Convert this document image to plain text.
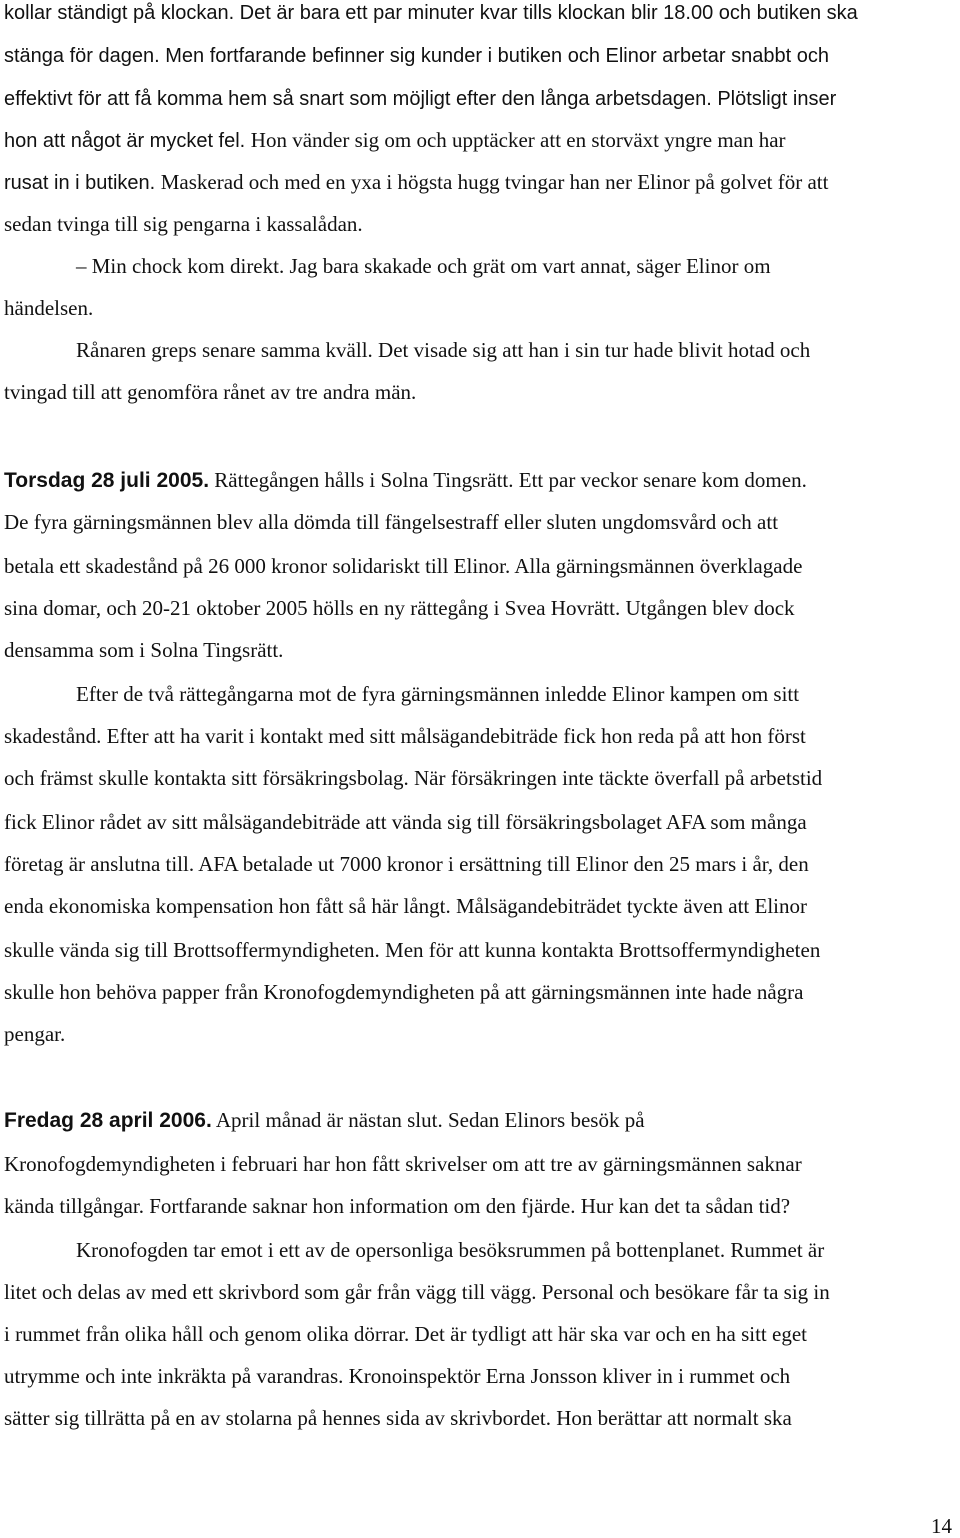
kollar ständigt på klockan. Det är bara ett par minuter kvar tills klockan blir 18.00 och butiken ska
stänga för dagen. Men fortfarande befinner sig kunder i butiken och Elinor arbetar snabbt och
effektivt för att få komma hem så snart som möjligt efter den långa arbetsdagen. Plötsligt inser
hon att något är mycket fel. Hon vänder sig om och upptäcker att en storväxt yngre man har
rusat in i butiken. Maskerad och med en yxa i högsta hugg tvingar han ner Elinor på golvet för att
sedan tvinga till sig pengarna i kassalådan.
– Min chock kom direkt. Jag bara skakade och grät om vart annat, säger Elinor om
händelsen.
Rånaren greps senare samma kväll. Det visade sig att han i sin tur hade blivit hotad och
tvingad till att genomföra rånet av tre andra män.
Torsdag 28 juli 2005. Rättegången hålls i Solna Tingsrätt. Ett par veckor senare kom domen.
De fyra gärningsmännen blev alla dömda till fängelsestraff eller sluten ungdomsvård och att
betala ett skadestånd på 26 000 kronor solidariskt till Elinor. Alla gärningsmännen överklagade
sina domar, och 20-21 oktober 2005 hölls en ny rättegång i Svea Hovrätt. Utgången blev dock
densamma som i Solna Tingsrätt.
Efter de två rättegångarna mot de fyra gärningsmännen inledde Elinor kampen om sitt
skadestånd. Efter att ha varit i kontakt med sitt målsägandebiträde fick hon reda på att hon först
och främst skulle kontakta sitt försäkringsbolag. När försäkringen inte täckte överfall på arbetstid
fick Elinor rådet av sitt målsägandebiträde att vända sig till försäkringsbolaget AFA som många
företag är anslutna till. AFA betalade ut 7000 kronor i ersättning till Elinor den 25 mars i år, den
enda ekonomiska kompensation hon fått så här långt. Målsägandebiträdet tyckte även att Elinor
skulle vända sig till Brottsoffermyndigheten. Men för att kunna kontakta Brottsoffermyndigheten
skulle hon behöva papper från Kronofogdemyndigheten på att gärningsmännen inte hade några
pengar.
Fredag 28 april 2006. April månad är nästan slut. Sedan Elinors besök på
Kronofogdemyndigheten i februari har hon fått skrivelser om att tre av gärningsmännen saknar
kända tillgångar. Fortfarande saknar hon information om den fjärde. Hur kan det ta sådan tid?
Kronofogden tar emot i ett av de opersonliga besöksrummen på bottenplanet. Rummet är
litet och delas av med ett skrivbord som går från vägg till vägg. Personal och besökare får ta sig in
i rummet från olika håll och genom olika dörrar. Det är tydligt att här ska var och en ha sitt eget
utrymme och inte inkräkta på varandras. Kronoinspektör Erna Jonsson kliver in i rummet och
sätter sig tillrätta på en av stolarna på hennes sida av skrivbordet. Hon berättar att normalt ska
14
